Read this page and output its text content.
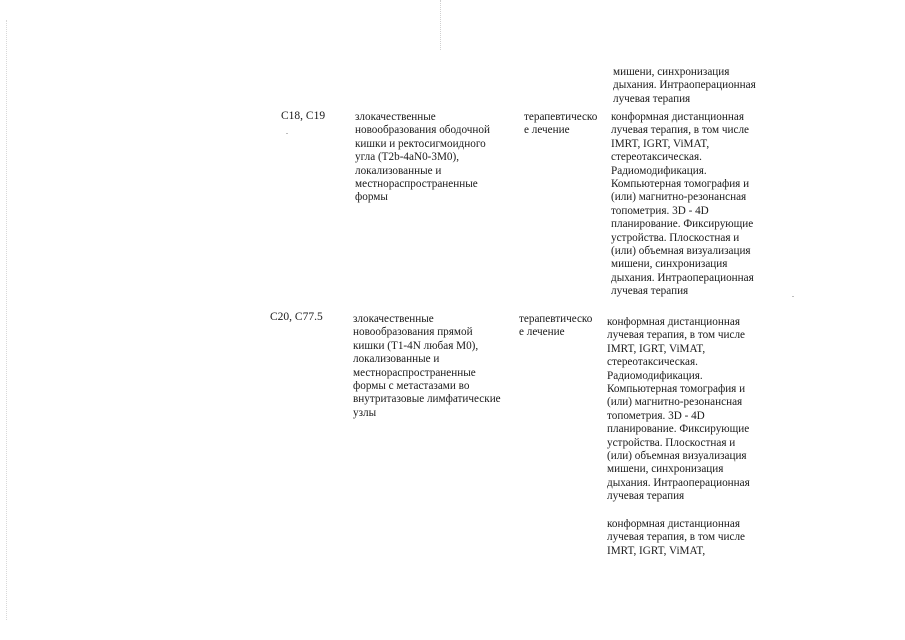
мишени, синхронизация
дыхания. Интраоперационная
лучевая терапия

C18, C19	злокачественные
новообразования ободочной
кишки и ректосигмоидного
угла (T2b-4aN0-3M0),
локализованные и
местнораспространенные
формы

терапевтическо
е лечение

конформная дистанционная
лучевая терапия, в том числе
IMRT, IGRT, ViMAT,
стереотаксическая.
Радиомодификация.
Компьютерная томография и
(или) магнитно-резонансная
топометрия. 3D - 4D
планирование. Фиксирующие
устройства. Плоскостная и
(или) объемная визуализация
мишени, синхронизация
дыхания. Интраоперационная
лучевая терапия

C20, C77.5	злокачественные
новообразования прямой
кишки (T1-4N любая M0),
локализованные и
местнораспространенные
формы с метастазами во
внутритазовые лимфатические
узлы

терапевтическо
е лечение

конформная дистанционная
лучевая терапия, в том числе
IMRT, IGRT, ViMAT,
стереотаксическая.
Радиомодификация.
Компьютерная томография и
(или) магнитно-резонансная
топометрия. 3D - 4D
планирование. Фиксирующие
устройства. Плоскостная и
(или) объемная визуализация
мишени, синхронизация
дыхания. Интраоперационная
лучевая терапия

конформная дистанционная
лучевая терапия, в том числе
IMRT, IGRT, ViMAT,
